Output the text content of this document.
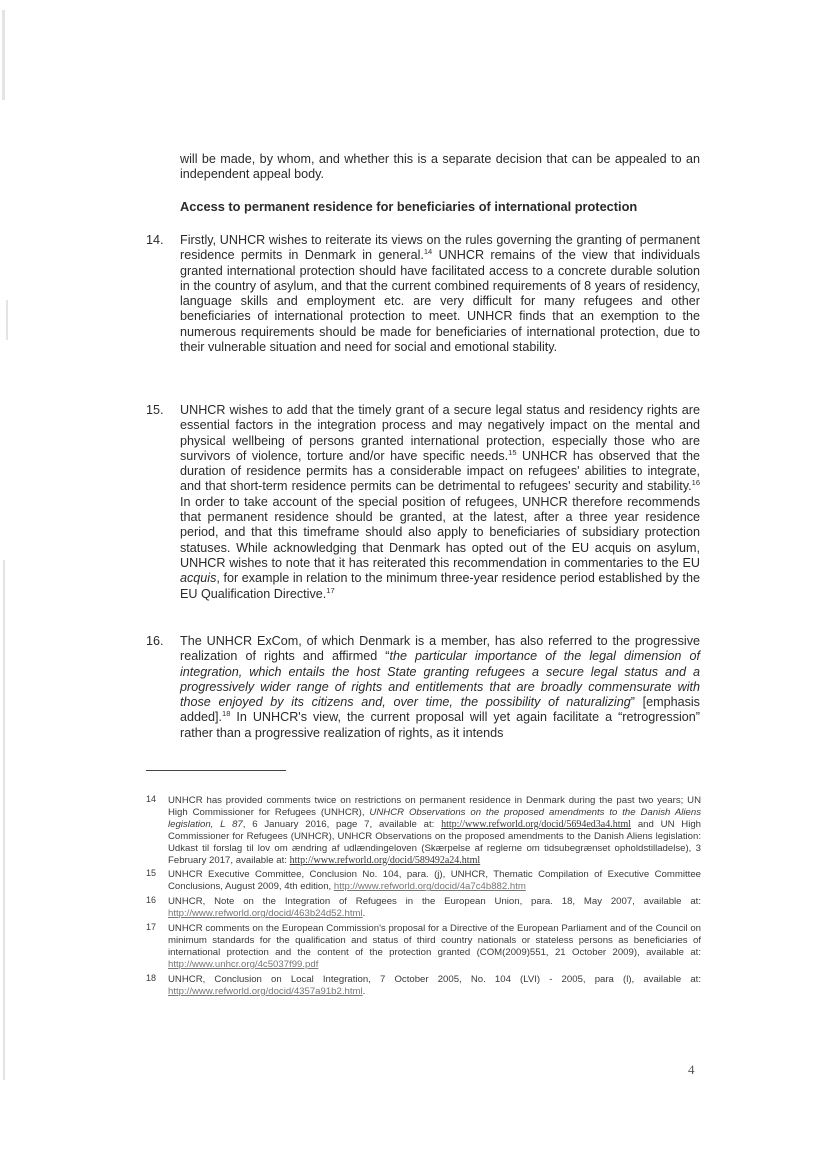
will be made, by whom, and whether this is a separate decision that can be appealed to an independent appeal body.
Access to permanent residence for beneficiaries of international protection
14. Firstly, UNHCR wishes to reiterate its views on the rules governing the granting of permanent residence permits in Denmark in general.$^{14}$ UNHCR remains of the view that individuals granted international protection should have facilitated access to a concrete durable solution in the country of asylum, and that the current combined requirements of 8 years of residency, language skills and employment etc. are very difficult for many refugees and other beneficiaries of international protection to meet. UNHCR finds that an exemption to the numerous requirements should be made for beneficiaries of international protection, due to their vulnerable situation and need for social and emotional stability.
15. UNHCR wishes to add that the timely grant of a secure legal status and residency rights are essential factors in the integration process and may negatively impact on the mental and physical wellbeing of persons granted international protection, especially those who are survivors of violence, torture and/or have specific needs.$^{15}$ UNHCR has observed that the duration of residence permits has a considerable impact on refugees' abilities to integrate, and that short-term residence permits can be detrimental to refugees' security and stability.$^{16}$ In order to take account of the special position of refugees, UNHCR therefore recommends that permanent residence should be granted, at the latest, after a three year residence period, and that this timeframe should also apply to beneficiaries of subsidiary protection statuses. While acknowledging that Denmark has opted out of the EU acquis on asylum, UNHCR wishes to note that it has reiterated this recommendation in commentaries to the EU acquis, for example in relation to the minimum three-year residence period established by the EU Qualification Directive.$^{17}$
16. The UNHCR ExCom, of which Denmark is a member, has also referred to the progressive realization of rights and affirmed “the particular importance of the legal dimension of integration, which entails the host State granting refugees a secure legal status and a progressively wider range of rights and entitlements that are broadly commensurate with those enjoyed by its citizens and, over time, the possibility of naturalizing” [emphasis added].$^{18}$ In UNHCR's view, the current proposal will yet again facilitate a “retrogression” rather than a progressive realization of rights, as it intends
14 UNHCR has provided comments twice on restrictions on permanent residence in Denmark during the past two years; UN High Commissioner for Refugees (UNHCR), UNHCR Observations on the proposed amendments to the Danish Aliens legislation, L 87, 6 January 2016, page 7, available at: http://www.refworld.org/docid/5694ed3a4.html and UN High Commissioner for Refugees (UNHCR), UNHCR Observations on the proposed amendments to the Danish Aliens legislation: Udkast til forslag til lov om ændring af udlændingeloven (Skærpelse af reglerne om tidsubegrænset opholdstilladelse), 3 February 2017, available at: http://www.refworld.org/docid/589492a24.html
15 UNHCR Executive Committee, Conclusion No. 104, para. (j), UNHCR, Thematic Compilation of Executive Committee Conclusions, August 2009, 4th edition, http://www.refworld.org/docid/4a7c4b882.htm
16 UNHCR, Note on the Integration of Refugees in the European Union, para. 18, May 2007, available at: http://www.refworld.org/docid/463b24d52.html.
17 UNHCR comments on the European Commission's proposal for a Directive of the European Parliament and of the Council on minimum standards for the qualification and status of third country nationals or stateless persons as beneficiaries of international protection and the content of the protection granted (COM(2009)551, 21 October 2009), available at: http://www.unhcr.org/4c5037f99.pdf
18 UNHCR, Conclusion on Local Integration, 7 October 2005, No. 104 (LVI) - 2005, para (l), available at: http://www.refworld.org/docid/4357a91b2.html.
4
